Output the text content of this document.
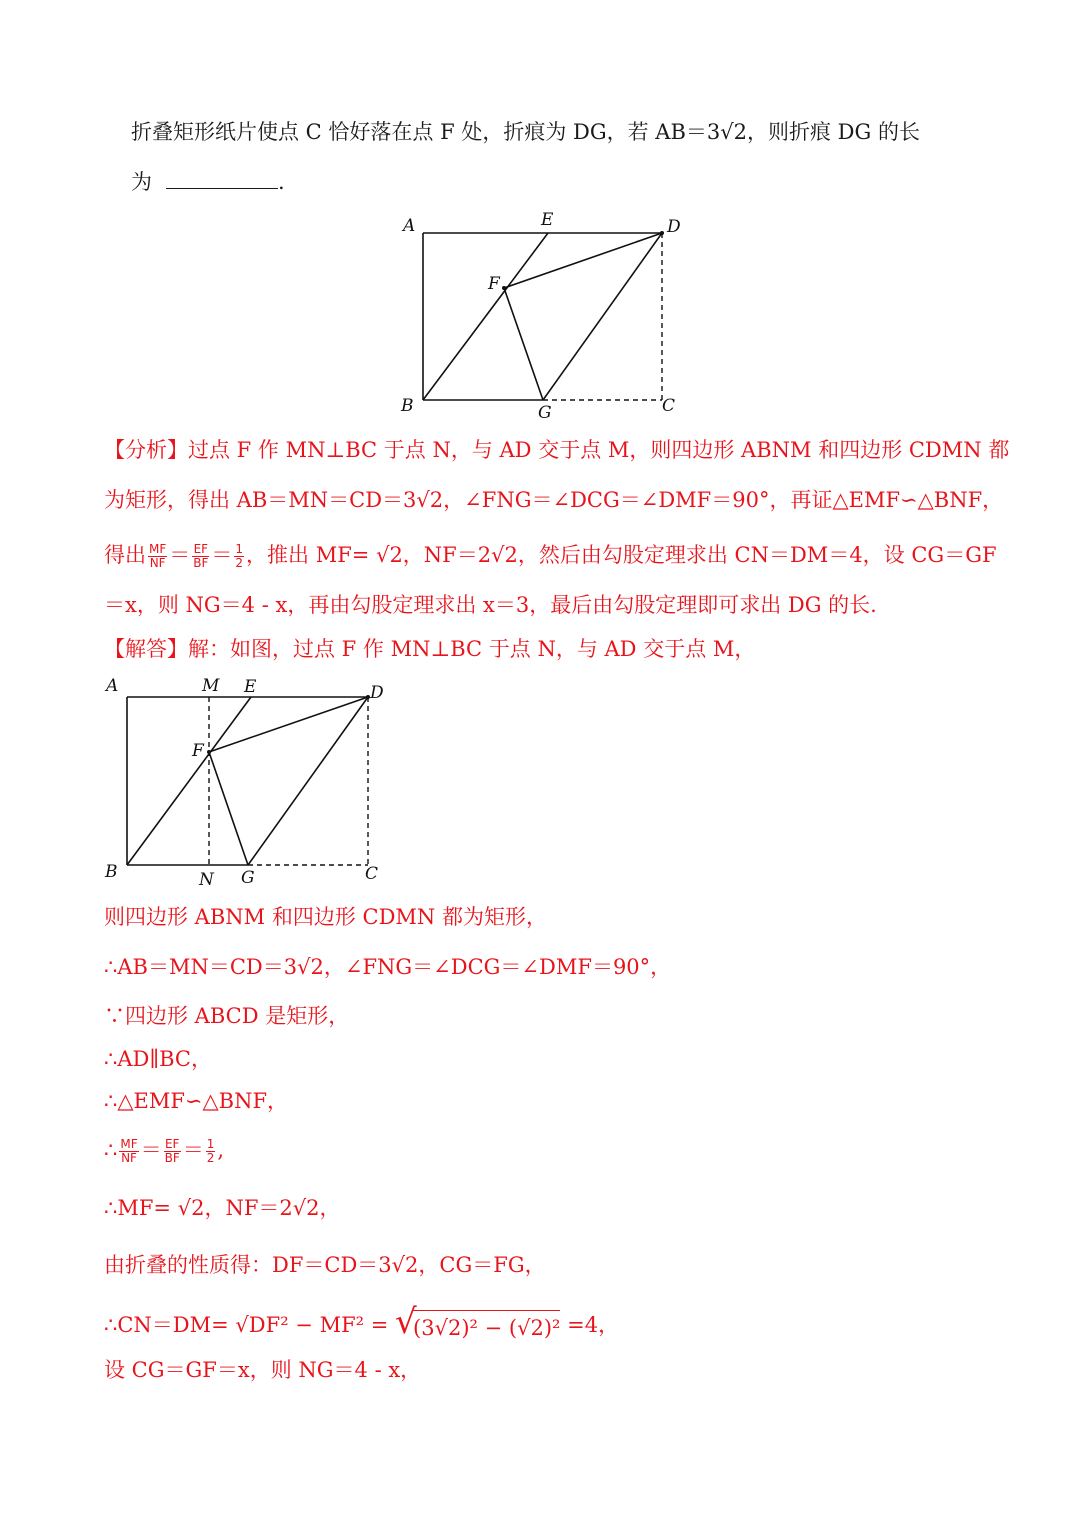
折叠矩形纸片使点 C 恰好落在点 F 处，折痕为 DG，若 AB＝3√2，则折痕 DG 的长
为	.
A	E	D
F
B	G	C
【分析】过点 F 作 MN⊥BC 于点 N，与 AD 交于点 M，则四边形 ABNM 和四边形 CDMN 都
为矩形，得出 AB＝MN＝CD＝3√2，∠FNG＝∠DCG＝∠DMF＝90°，再证△EMF∽△BNF，
得出 $\frac{MF}{NF} = \frac{EF}{BF} = \frac{1}{2}$ ，推出 MF= √2，NF＝2√2，然后由勾股定理求出 CN＝DM＝4，设 CG＝GF
＝x，则 NG＝4 - x，再由勾股定理求出 x＝3，最后由勾股定理即可求出 DG 的长.
【解答】解：如图，过点 F 作 MN⊥BC 于点 N，与 AD 交于点 M，
A	M E	D
F
B	N G	C
则四边形 ABNM 和四边形 CDMN 都为矩形，
∴AB＝MN＝CD＝3√2，∠FNG＝∠DCG＝∠DMF＝90°，
∵四边形 ABCD 是矩形，
∴AD∥BC，
∴△EMF∽△BNF，
∴ $\frac{MF}{NF} = \frac{EF}{BF} = \frac{1}{2}$ ,
∴MF= √2，NF＝2√2，
由折叠的性质得：DF＝CD＝3√2，CG＝FG，
∴CN＝DM= √DF² − MF² = √
(3√2)² − (√2)² =4，
设 CG＝GF＝x，则 NG＝4 - x，
